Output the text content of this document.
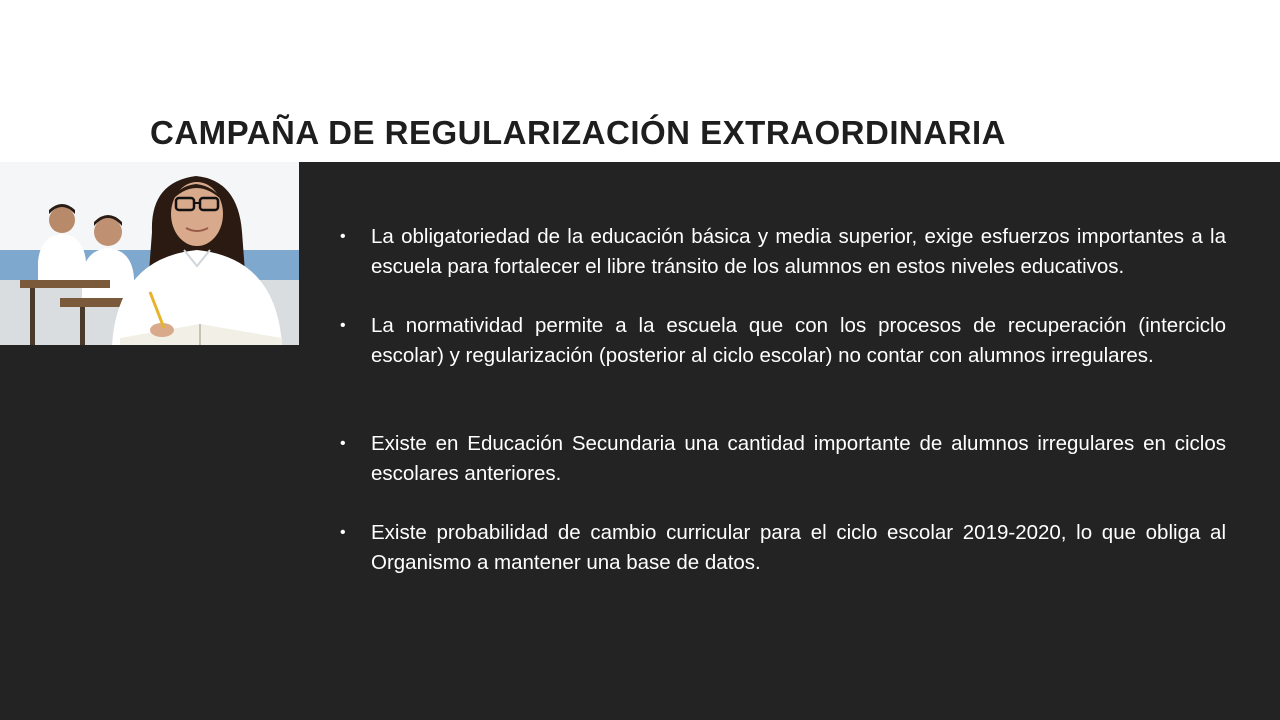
CAMPAÑA DE REGULARIZACIÓN EXTRAORDINARIA
• La obligatoriedad de la educación básica y media superior, exige esfuerzos importantes a la escuela para fortalecer el libre tránsito de los alumnos en estos niveles educativos.
• La normatividad permite a la escuela que con los procesos de recuperación (interciclo escolar) y regularización (posterior al ciclo escolar) no contar con alumnos irregulares.
• Existe en Educación Secundaria una cantidad importante de alumnos irregulares en ciclos escolares anteriores.
• Existe probabilidad de cambio curricular para el ciclo escolar 2019-2020, lo que obliga al Organismo a mantener una base de datos.
